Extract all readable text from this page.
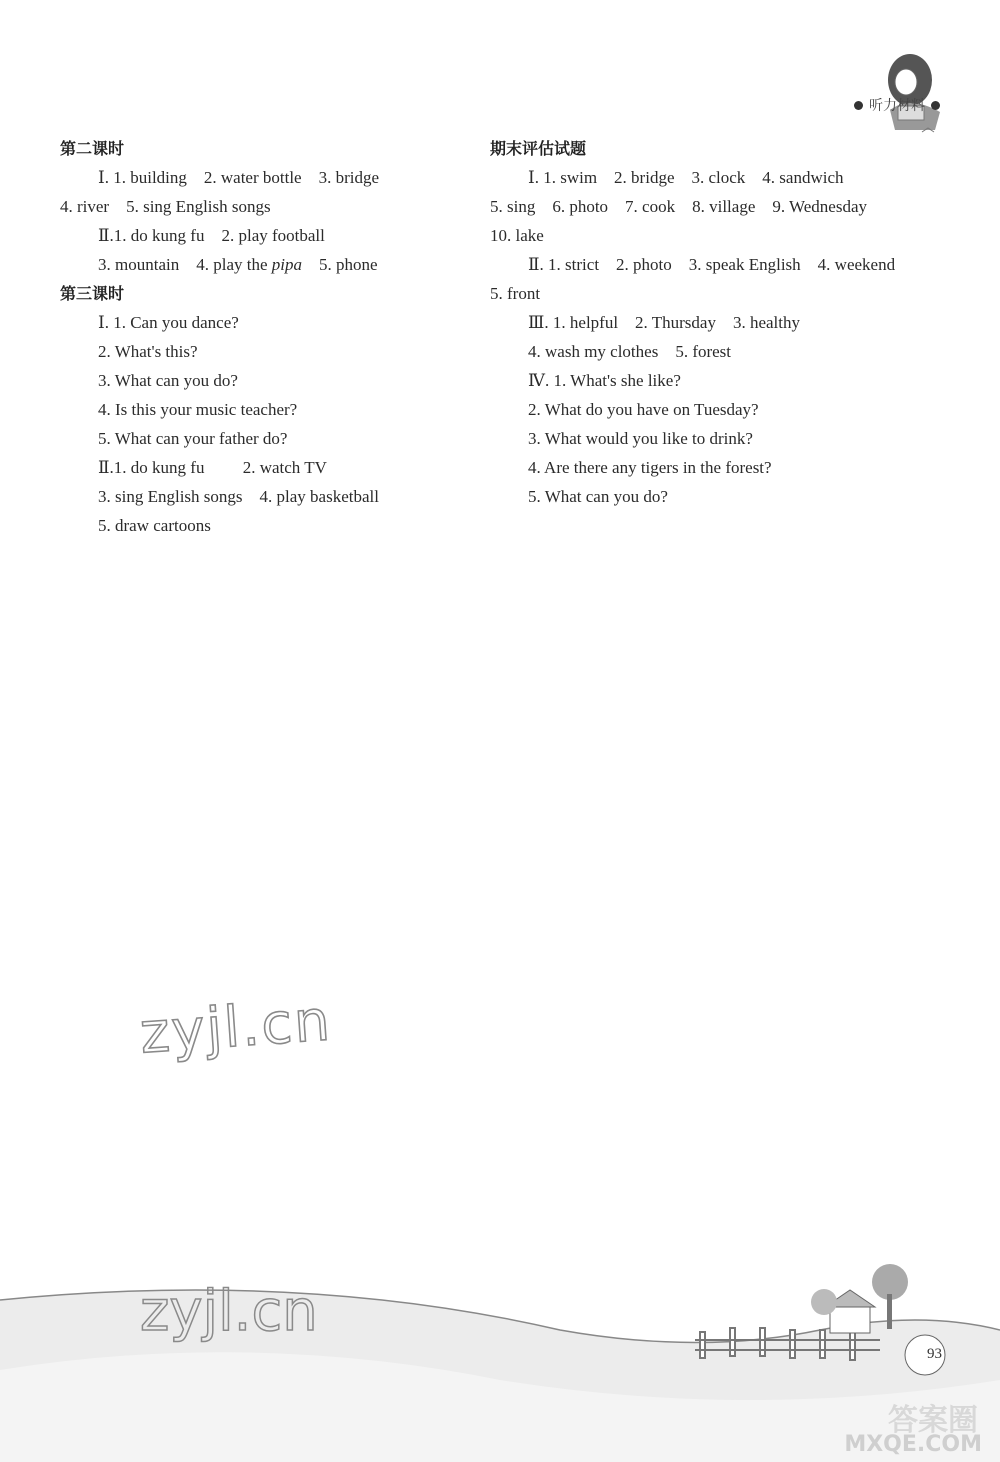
听力材料
第二课时
Ⅰ. 1. building    2. water bottle    3. bridge
4. river    5. sing English songs
Ⅱ.1. do kung fu    2. play football
3. mountain    4. play the pipa    5. phone
第三课时
Ⅰ. 1. Can you dance?
2. What's this?
3. What can you do?
4. Is this your music teacher?
5. What can your father do?
Ⅱ.1. do kung fu         2. watch TV
3. sing English songs    4. play basketball
5. draw cartoons
期末评估试题
Ⅰ. 1. swim    2. bridge    3. clock    4. sandwich
5. sing    6. photo    7. cook    8. village    9. Wednesday
10. lake
Ⅱ. 1. strict    2. photo    3. speak English    4. weekend
5. front
Ⅲ. 1. helpful    2. Thursday    3. healthy
4. wash my clothes    5. forest
Ⅳ. 1. What's she like?
2. What do you have on Tuesday?
3. What would you like to drink?
4. Are there any tigers in the forest?
5. What can you do?
zyjl.cn
zyjl.cn
93
答案圈
MXQE.COM
